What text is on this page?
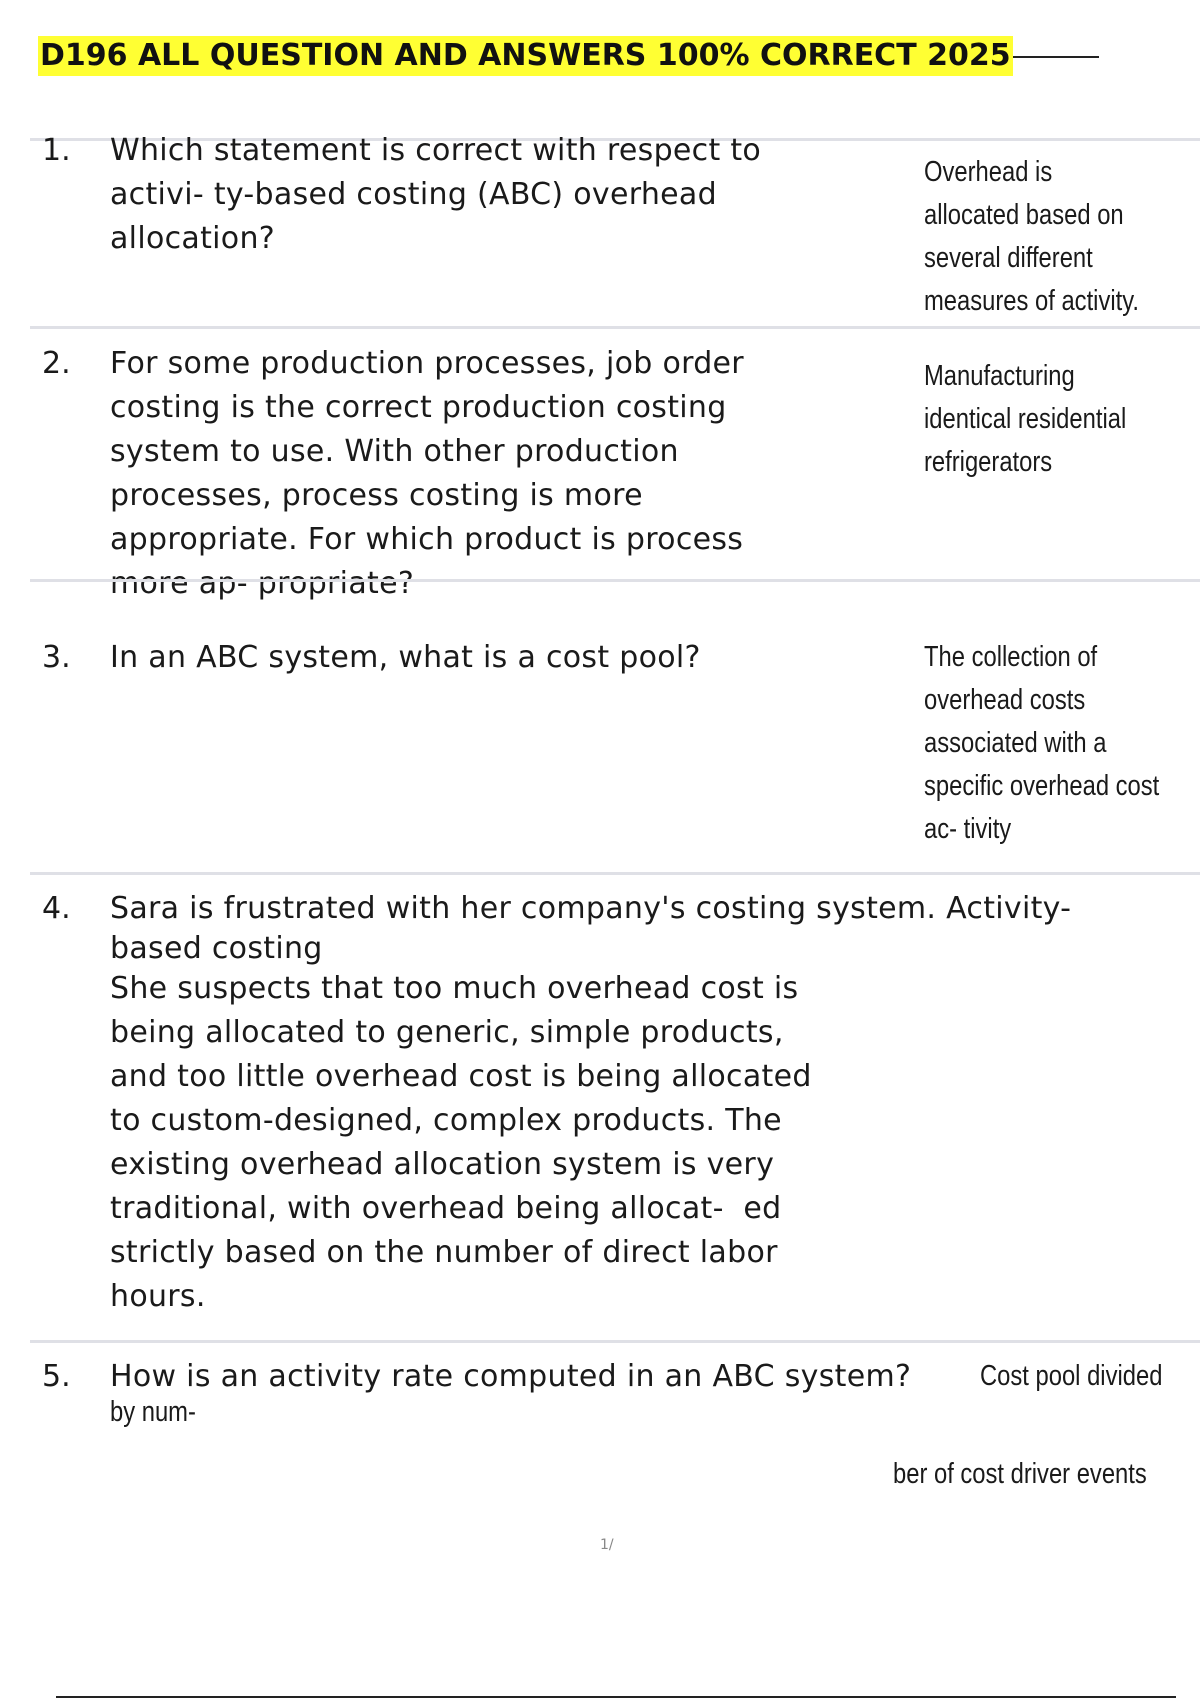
D196 ALL QUESTION AND ANSWERS 100% CORRECT 2025
1. Which statement is correct with respect to
activi- ty-based costing (ABC) overhead
allocation?
Overhead is
allocated based on
several different
measures of activity.
2. For some production processes, job order
costing is the correct production costing
system to use. With other production
processes, process costing is more
appropriate. For which product is process
more ap- propriate?
Manufacturing
identical residential
refrigerators
3. In an ABC system, what is a cost pool?	The collection of
overhead costs
associated with a
specific overhead cost
ac- tivity
4. Sara is frustrated with her company's costing system. Activity-
based costing
She suspects that too much overhead cost is
being allocated to generic, simple products,
and too little overhead cost is being allocated
to custom-designed, complex products. The
existing overhead allocation system is very
traditional, with overhead being allocat-  ed
strictly based on the number of direct labor
hours.
5. How is an activity rate computed in an ABC system? Cost pool divided
by num-
ber of cost driver events
1/
